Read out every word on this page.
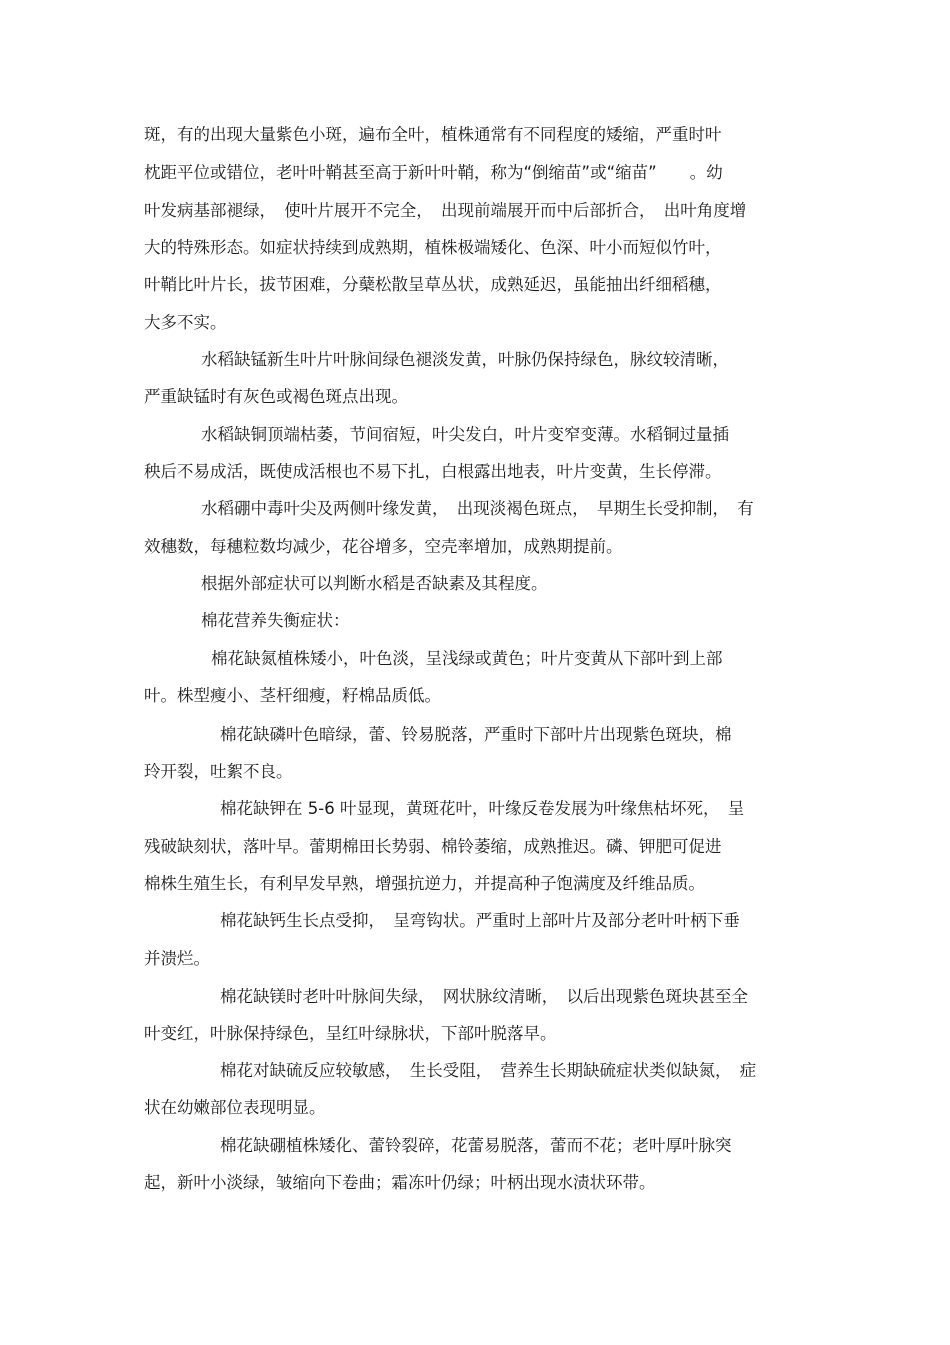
斑，有的出现大量紫色小斑，遍布全叶，植株通常有不同程度的矮缩，严重时叶
枕距平位或错位，老叶叶鞘甚至高于新叶叶鞘，称为“倒缩苗”或“缩苗”　　。幼
叶发病基部褪绿，　使叶片展开不完全，　出现前端展开而中后部折合，　出叶角度增
大的特殊形态。如症状持续到成熟期，植株极端矮化、色深、叶小而短似竹叶，
叶鞘比叶片长，拔节困难，分蘖松散呈草丛状，成熟延迟，虽能抽出纤细稻穗，
大多不实。
水稻缺锰新生叶片叶脉间绿色褪淡发黄，叶脉仍保持绿色，脉纹较清晰，
严重缺锰时有灰色或褐色斑点出现。
水稻缺铜顶端枯萎，节间宿短，叶尖发白，叶片变窄变薄。水稻铜过量插
秧后不易成活，既使成活根也不易下扎，白根露出地表，叶片变黄，生长停滞。
水稻硼中毒叶尖及两侧叶缘发黄，　出现淡褐色斑点，　早期生长受抑制，　有
效穗数，每穗粒数均减少，花谷增多，空壳率增加，成熟期提前。
根据外部症状可以判断水稻是否缺素及其程度。
棉花营养失衡症状：
棉花缺氮植株矮小，叶色淡，呈浅绿或黄色；叶片变黄从下部叶到上部
叶。株型瘦小、茎杆细瘦，籽棉品质低。
棉花缺磷叶色暗绿，蕾、铃易脱落，严重时下部叶片出现紫色斑块，棉
玲开裂，吐絮不良。
棉花缺钾在 5-6 叶显现，黄斑花叶，叶缘反卷发展为叶缘焦枯坏死，　呈
残破缺刻状，落叶早。蕾期棉田长势弱、棉铃萎缩，成熟推迟。磷、钾肥可促进
棉株生殖生长，有利早发早熟，增强抗逆力，并提高种子饱满度及纤维品质。
棉花缺钙生长点受抑，　呈弯钩状。严重时上部叶片及部分老叶叶柄下垂
并溃烂。
棉花缺镁时老叶叶脉间失绿，　网状脉纹清晰，　以后出现紫色斑块甚至全
叶变红，叶脉保持绿色，呈红叶绿脉状，下部叶脱落早。
棉花对缺硫反应较敏感，　生长受阻，　营养生长期缺硫症状类似缺氮，　症
状在幼嫩部位表现明显。
棉花缺硼植株矮化、蕾铃裂碎，花蕾易脱落，蕾而不花；老叶厚叶脉突
起，新叶小淡绿，皱缩向下卷曲；霜冻叶仍绿；叶柄出现水渍状环带。
